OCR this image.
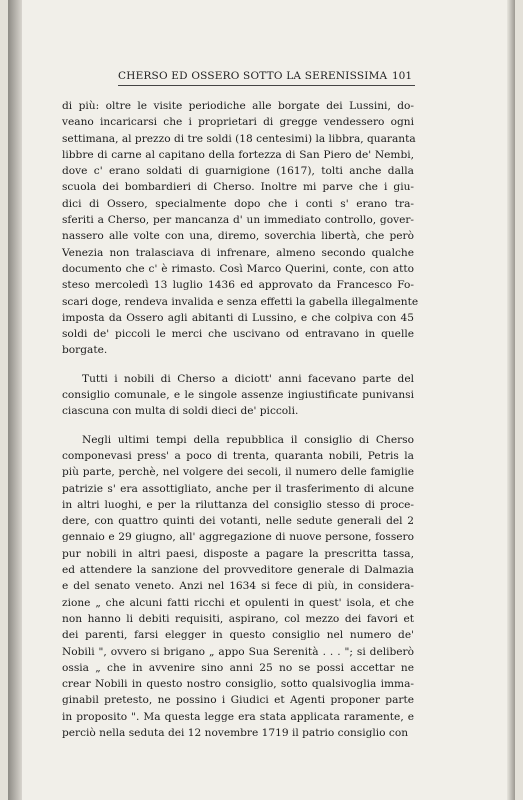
CHERSO ED OSSERO SOTTO LA SERENISSIMA 101
di più: oltre le visite periodiche alle borgate dei Lussini, do-
veano incaricarsi che i proprietari di gregge vendessero ogni
settimana, al prezzo di tre soldi (18 centesimi) la libbra, quaranta
libbre di carne al capitano della fortezza di San Piero de' Nembi,
dove c' erano soldati di guarnigione (1617), tolti anche dalla
scuola dei bombardieri di Cherso. Inoltre mi parve che i giu-
dici di Ossero, specialmente dopo che i conti s' erano tra-
sferiti a Cherso, per mancanza d' un immediato controllo, gover-
nassero alle volte con una, diremo, soverchia libertà, che però
Venezia non tralasciava di infrenare, almeno secondo qualche
documento che c' è rimasto. Così Marco Querini, conte, con atto
steso mercoledì 13 luglio 1436 ed approvato da Francesco Fo-
scari doge, rendeva invalida e senza effetti la gabella illegalmente
imposta da Ossero agli abitanti di Lussino, e che colpiva con 45
soldi de' piccoli le merci che uscivano od entravano in quelle
borgate.
Tutti i nobili di Cherso a diciott' anni facevano parte del
consiglio comunale, e le singole assenze ingiustificate punivansi
ciascuna con multa di soldi dieci de' piccoli.
Negli ultimi tempi della repubblica il consiglio di Cherso
componevasi press' a poco di trenta, quaranta nobili, Petris la
più parte, perchè, nel volgere dei secoli, il numero delle famiglie
patrizie s' era assottigliato, anche per il trasferimento di alcune
in altri luoghi, e per la riluttanza del consiglio stesso di proce-
dere, con quattro quinti dei votanti, nelle sedute generali del 2
gennaio e 29 giugno, all' aggregazione di nuove persone, fossero
pur nobili in altri paesi, disposte a pagare la prescritta tassa,
ed attendere la sanzione del provveditore generale di Dalmazia
e del senato veneto. Anzi nel 1634 si fece di più, in considera-
zione „ che alcuni fatti ricchi et opulenti in quest' isola, et che
non hanno li debiti requisiti, aspirano, col mezzo dei favori et
dei parenti, farsi elegger in questo consiglio nel numero de'
Nobili ", ovvero si brigano „ appo Sua Serenità . . . "; si deliberò
ossia „ che in avvenire sino anni 25 no se possi accettar ne
crear Nobili in questo nostro consiglio, sotto qualsivoglia imma-
ginabil pretesto, ne possino i Giudici et Agenti proponer parte
in proposito ". Ma questa legge era stata applicata raramente, e
perciò nella seduta dei 12 novembre 1719 il patrio consiglio con
